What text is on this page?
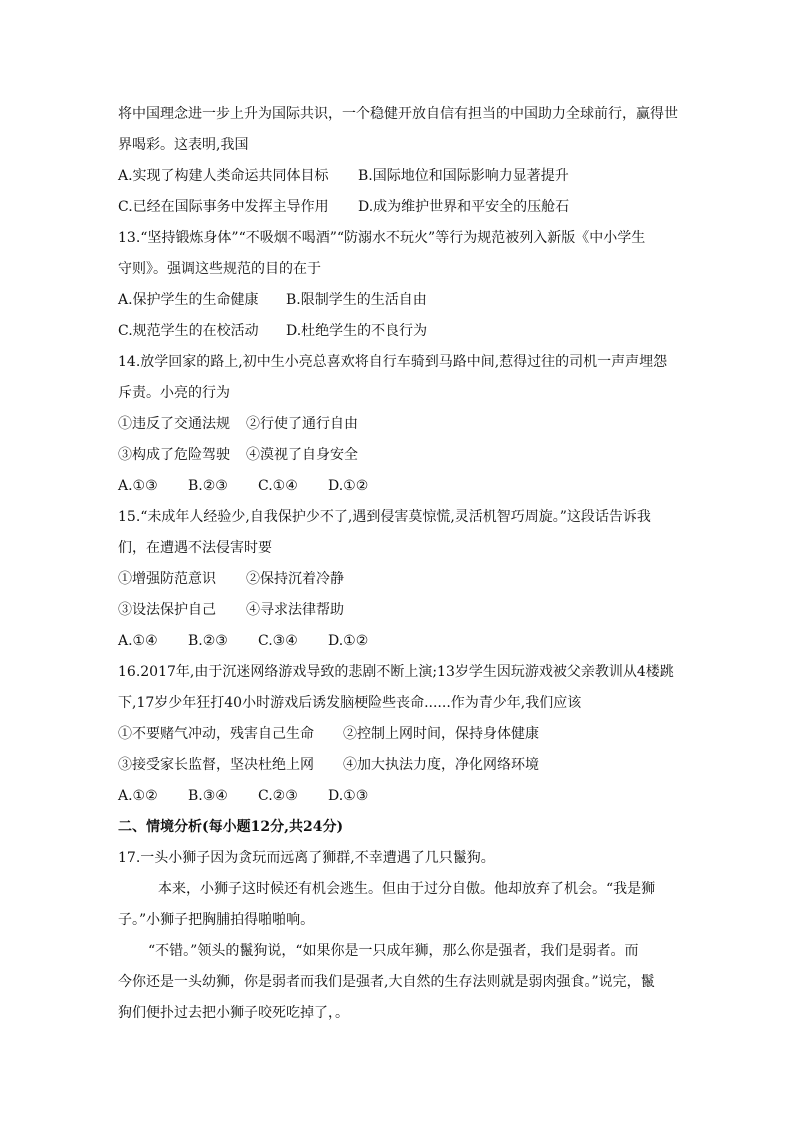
将中国理念进一步上升为国际共识，一个稳健开放自信有担当的中国助力全球前行，赢得世
界喝彩。这表明,我国
A.实现了构建人类命运共同体目标	B.国际地位和国际影响力显著提升
C.已经在国际事务中发挥主导作用	D.成为维护世界和平安全的压舱石
13.“坚持锻炼身体”“不吸烟不喝酒”“防溺水不玩火”等行为规范被列入新版《中小学生
守则》。强调这些规范的目的在于
A.保护学生的生命健康	B.限制学生的生活自由
C.规范学生的在校活动	D.杜绝学生的不良行为
14.放学回家的路上,初中生小亮总喜欢将自行车骑到马路中间,惹得过往的司机一声声埋怨
斥责。小亮的行为
①违反了交通法规	②行使了通行自由
③构成了危险驾驶	④漠视了自身安全
A.①③	B.②③	C.①④	D.①②
15.“未成年人经验少,自我保护少不了,遇到侵害莫惊慌,灵活机智巧周旋。”这段话告诉我
们，在遭遇不法侵害时要
①增强防范意识	②保持沉着冷静
③设法保护自己	④寻求法律帮助
A.①④	B.②③	C.③④	D.①②
16.2017年,由于沉迷网络游戏导致的悲剧不断上演;13岁学生因玩游戏被父亲教训从4楼跳
下,17岁少年狂打40小时游戏后诱发脑梗险些丧命......作为青少年,我们应该
①不要赌气冲动，残害自己生命	②控制上网时间，保持身体健康
③接受家长监督，坚决杜绝上网	④加大执法力度，净化网络环境
A.①②	B.③④	C.②③	D.①③
二、情境分析(每小题12分,共24分)
17.一头小狮子因为贪玩而远离了狮群,不幸遭遇了几只鬣狗。
本来，小狮子这时候还有机会逃生。但由于过分自傲。他却放弃了机会。“我是狮
子。”小狮子把胸脯拍得啪啪响。
“不错。”领头的鬣狗说，“如果你是一只成年狮，那么你是强者，我们是弱者。而
今你还是一头幼狮，你是弱者而我们是强者,大自然的生存法则就是弱肉强食。”说完，鬣
狗们便扑过去把小狮子咬死吃掉了，。
